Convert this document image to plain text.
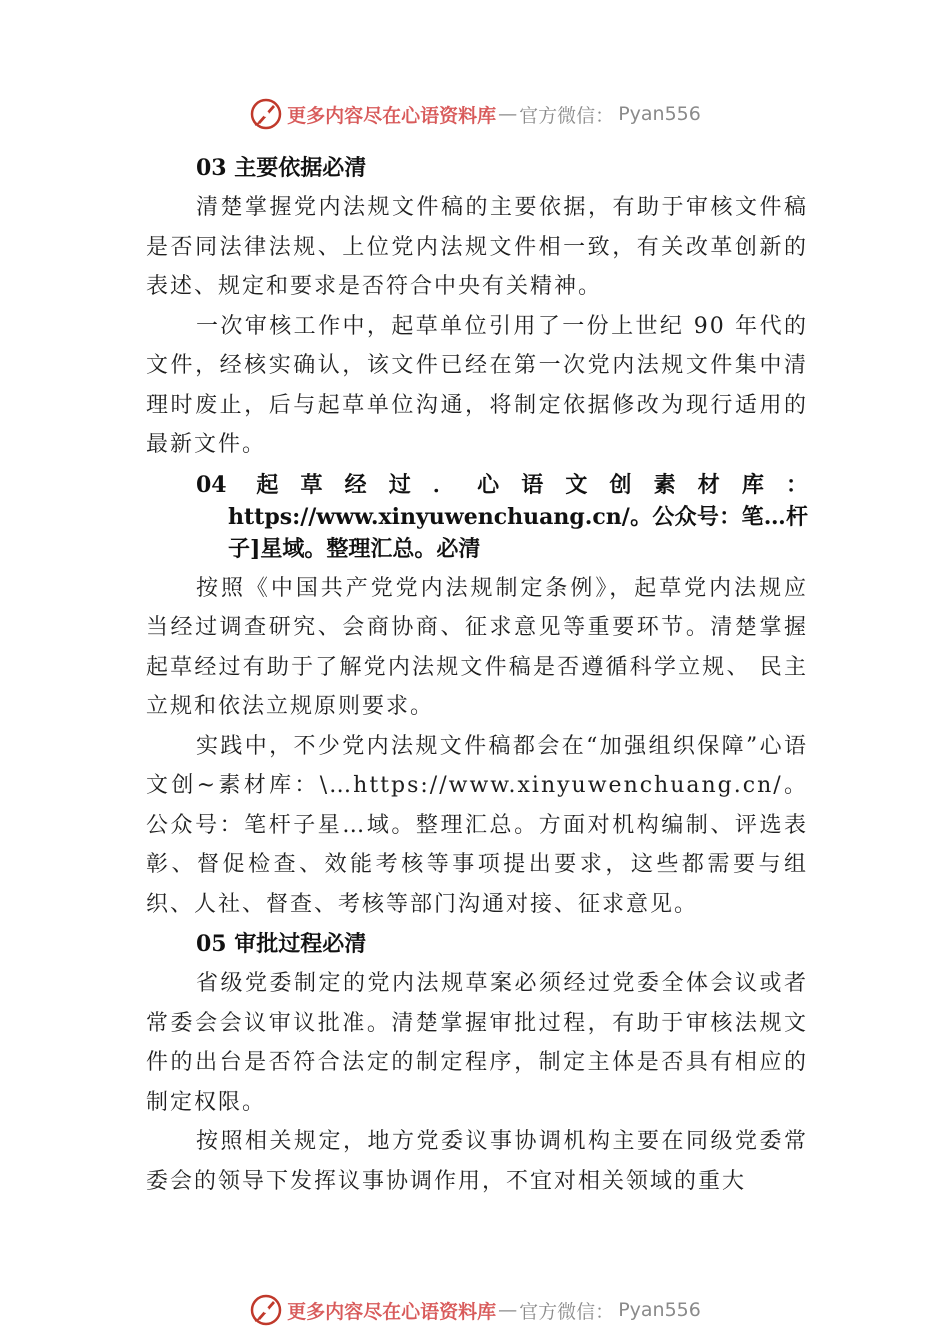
更多内容尽在心语资料库 — 官方微信： Pyan556

03 主要依据必清

清楚掌握党内法规文件稿的主要依据，有助于审核文件稿是否同法律法规、上位党内法规文件相一致，有关改革创新的表述、规定和要求是否符合中央有关精神。

一次审核工作中，起草单位引用了一份上世纪 90 年代的文件，经核实确认，该文件已经在第一次党内法规文件集中清理时废止，后与起草单位沟通，将制定依据修改为现行适用的最新文件。

04 起草经过．心语文创素材库：https://www.xinyuwenchuang.cn/。公众号：笔…杆子]星域。整理汇总。必清

按照《中国共产党党内法规制定条例》，起草党内法规应当经过调查研究、会商协商、征求意见等重要环节。清楚掌握起草经过有助于了解党内法规文件稿是否遵循科学立规、 民主立规和依法立规原则要求。

实践中，不少党内法规文件稿都会在“加强组织保障”心语文创~素材库：\…https://www.xinyuwenchuang.cn/。公众号：笔杆子星…域。整理汇总。方面对机构编制、评选表彰、督促检查、效能考核等事项提出要求，这些都需要与组织、人社、督查、考核等部门沟通对接、征求意见。

05 审批过程必清

省级党委制定的党内法规草案必须经过党委全体会议或者常委会会议审议批准。清楚掌握审批过程，有助于审核法规文件的出台是否符合法定的制定程序，制定主体是否具有相应的制定权限。

按照相关规定，地方党委议事协调机构主要在同级党委常委会的领导下发挥议事协调作用，不宜对相关领域的重大

更多内容尽在心语资料库 — 官方微信： Pyan556
